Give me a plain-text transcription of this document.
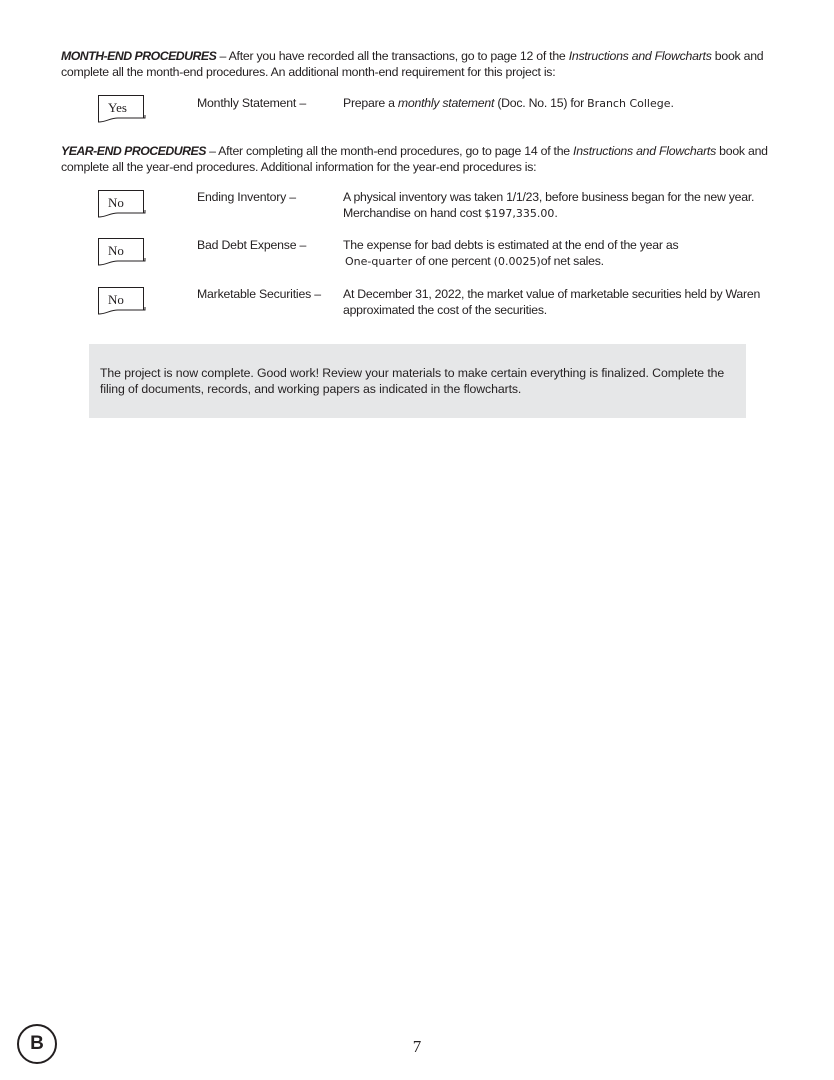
MONTH-END PROCEDURES – After you have recorded all the transactions, go to page 12 of the Instructions and Flowcharts book and complete all the month-end procedures. An additional month-end requirement for this project is:

Yes	Monthly Statement –	Prepare a monthly statement (Doc. No. 15) for Branch College.

YEAR-END PROCEDURES – After completing all the month-end procedures, go to page 14 of the Instructions and Flowcharts book and complete all the year-end procedures. Additional information for the year-end procedures is:

No	Ending Inventory –	A physical inventory was taken 1/1/23, before business began for the new year. Merchandise on hand cost $197,335.00.
No	Bad Debt Expense –	The expense for bad debts is estimated at the end of the year as
One-quarter of one percent (0.0025)of net sales.
No	Marketable Securities – At December 31, 2022, the market value of marketable securities held by Waren approximated the cost of the securities.
The project is now complete. Good work! Review your materials to make certain everything is finalized. Complete the filing of documents, records, and working papers as indicated in the flowcharts.
B	7
